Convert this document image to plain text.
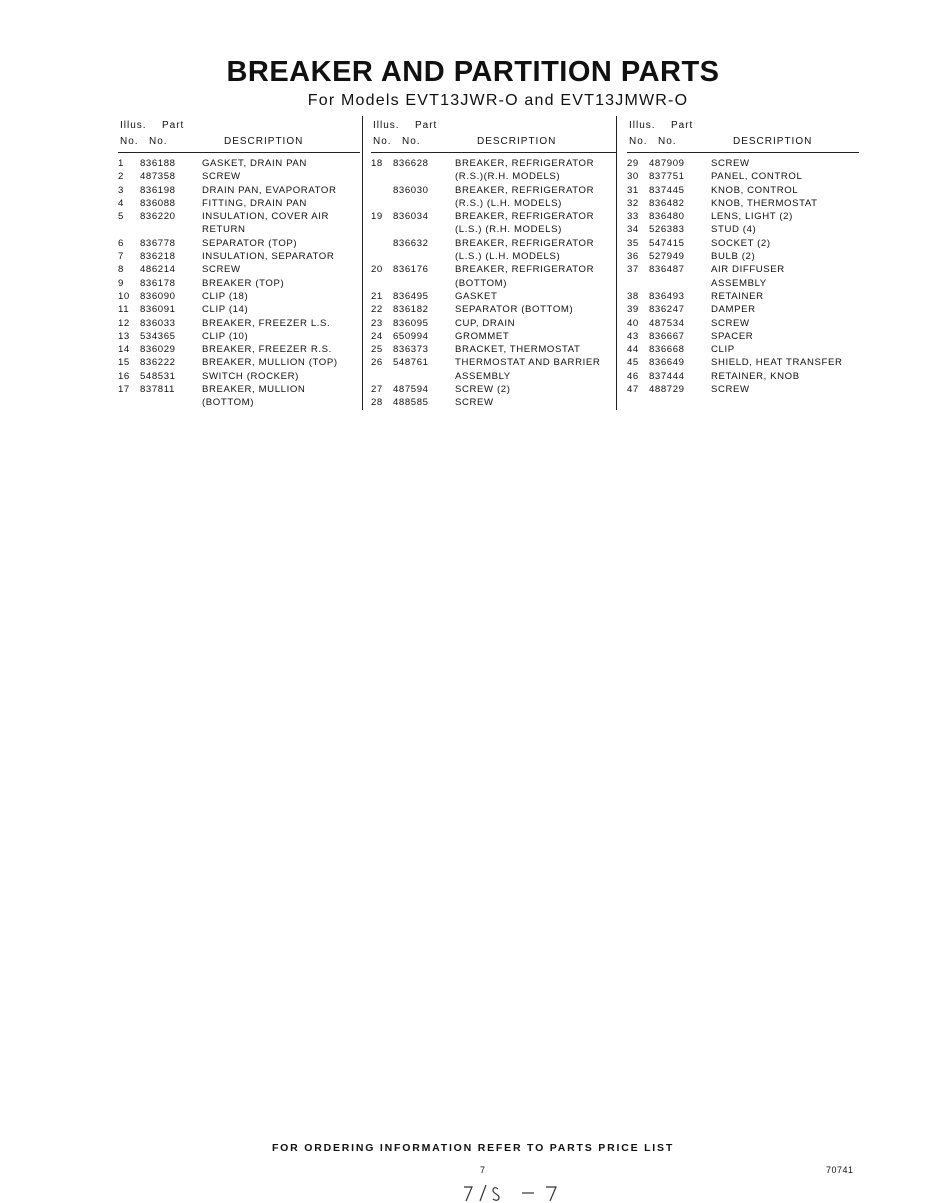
BREAKER AND PARTITION PARTS
For Models EVT13JWR-O and EVT13JMWR-O
Illus. Part
No. No.	DESCRIPTION
1	836188	GASKET, DRAIN PAN
2	487358	SCREW
3	836198	DRAIN PAN, EVAPORATOR
4	836088	FITTING, DRAIN PAN
5	836220	INSULATION, COVER AIR
RETURN
6	836778	SEPARATOR (TOP)
7	836218	INSULATION, SEPARATOR
8	486214	SCREW
9	836178	BREAKER (TOP)
10	836090	CLIP (18)
11	836091	CLIP (14)
12	836033	BREAKER, FREEZER L.S.
13	534365	CLIP (10)
14	836029	BREAKER, FREEZER R.S.
15	836222	BREAKER, MULLION (TOP)
16	548531	SWITCH (ROCKER)
17	837811	BREAKER, MULLION
(BOTTOM)
Illus. Part
No. No.	DESCRIPTION
18	836628	BREAKER, REFRIGERATOR
(R.S.)(R.H. MODELS)
836030	BREAKER, REFRIGERATOR
(R.S.) (L.H. MODELS)
19	836034	BREAKER, REFRIGERATOR
(L.S.) (R.H. MODELS)
836632	BREAKER, REFRIGERATOR
(L.S.) (L.H. MODELS)
20	836176	BREAKER, REFRIGERATOR
(BOTTOM)
21	836495	GASKET
22	836182	SEPARATOR (BOTTOM)
23	836095	CUP, DRAIN
24	650994	GROMMET
25	836373	BRACKET, THERMOSTAT
26	548761	THERMOSTAT AND BARRIER
ASSEMBLY
27	487594	SCREW (2)
28	488585	SCREW
Illus. Part
No. No.	DESCRIPTION
29	487909	SCREW
30	837751	PANEL, CONTROL
31	837445	KNOB, CONTROL
32	836482	KNOB, THERMOSTAT
33	836480	LENS, LIGHT (2)
34	526383	STUD (4)
35	547415	SOCKET (2)
36	527949	BULB (2)
37	836487	AIR DIFFUSER
ASSEMBLY
38	836493	RETAINER
39	836247	DAMPER
40	487534	SCREW
43	836667	SPACER
44	836668	CLIP
45	836649	SHIELD, HEAT TRANSFER
46	837444	RETAINER, KNOB
47	488729	SCREW
FOR ORDERING INFORMATION REFER TO PARTS PRICE LIST
7	70741
